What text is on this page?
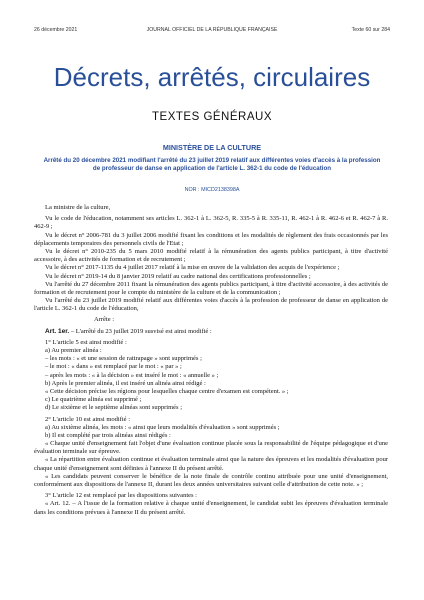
26 décembre 2021	JOURNAL OFFICIEL DE LA RÉPUBLIQUE FRANÇAISE	Texte 60 sur 284
Décrets, arrêtés, circulaires
TEXTES GÉNÉRAUX
MINISTÈRE DE LA CULTURE
Arrêté du 20 décembre 2021 modifiant l'arrêté du 23 juillet 2019 relatif aux différentes voies d'accès à la profession de professeur de danse en application de l'article L. 362-1 du code de l'éducation
NOR : MICD2138398A

La ministre de la culture,

Vu le code de l'éducation, notamment ses articles L. 362-1 à L. 362-5, R. 335-5 à R. 335-11, R. 462-1 à R. 462-6 et R. 462-7 à R. 462-9 ;

Vu le décret n° 2006-781 du 3 juillet 2006 modifié fixant les conditions et les modalités de règlement des frais occasionnés par les déplacements temporaires des personnels civils de l'Etat ;

Vu le décret n° 2010-235 du 5 mars 2010 modifié relatif à la rémunération des agents publics participant, à titre d'activité accessoire, à des activités de formation et de recrutement ;

Vu le décret n° 2017-1135 du 4 juillet 2017 relatif à la mise en œuvre de la validation des acquis de l'expérience ;

Vu le décret n° 2019-14 du 8 janvier 2019 relatif au cadre national des certifications professionnelles ;

Vu l'arrêté du 27 décembre 2011 fixant la rémunération des agents publics participant, à titre d'activité accessoire, à des activités de formation et de recrutement pour le compte du ministère de la culture et de la communication ;

Vu l'arrêté du 23 juillet 2019 modifié relatif aux différentes voies d'accès à la profession de professeur de danse en application de l'article L. 362-1 du code de l'éducation,

Arrête :

Art. 1er. – L'arrêté du 23 juillet 2019 susvisé est ainsi modifié :

1° L'article 5 est ainsi modifié :

a) Au premier alinéa :

– les mots : « et une session de rattrapage » sont supprimés ;

– le mot : « dans » est remplacé par le mot : « par » ;

– après les mots : « à la décision » est inséré le mot : « annuelle » ;

b) Après le premier alinéa, il est inséré un alinéa ainsi rédigé :

« Cette décision précise les régions pour lesquelles chaque centre d'examen est compétent. » ;

c) Le quatrième alinéa est supprimé ;

d) Le sixième et le septième alinéas sont supprimés ;

2° L'article 10 est ainsi modifié :

a) Au sixième alinéa, les mots : « ainsi que leurs modalités d'évaluation » sont supprimés ;

b) Il est complété par trois alinéas ainsi rédigés :

« Chaque unité d'enseignement fait l'objet d'une évaluation continue placée sous la responsabilité de l'équipe pédagogique et d'une évaluation terminale sur épreuve.

« La répartition entre évaluation continue et évaluation terminale ainsi que la nature des épreuves et les modalités d'évaluation pour chaque unité d'enseignement sont définies à l'annexe II du présent arrêté.

« Les candidats peuvent conserver le bénéfice de la note finale de contrôle continu attribuée pour une unité d'enseignement, conformément aux dispositions de l'annexe II, durant les deux années universitaires suivant celle d'attribution de cette note. » ;

3° L'article 12 est remplacé par les dispositions suivantes :

« Art. 12. – A l'issue de la formation relative à chaque unité d'enseignement, le candidat subit les épreuves d'évaluation terminale dans les conditions prévues à l'annexe II du présent arrêté.
